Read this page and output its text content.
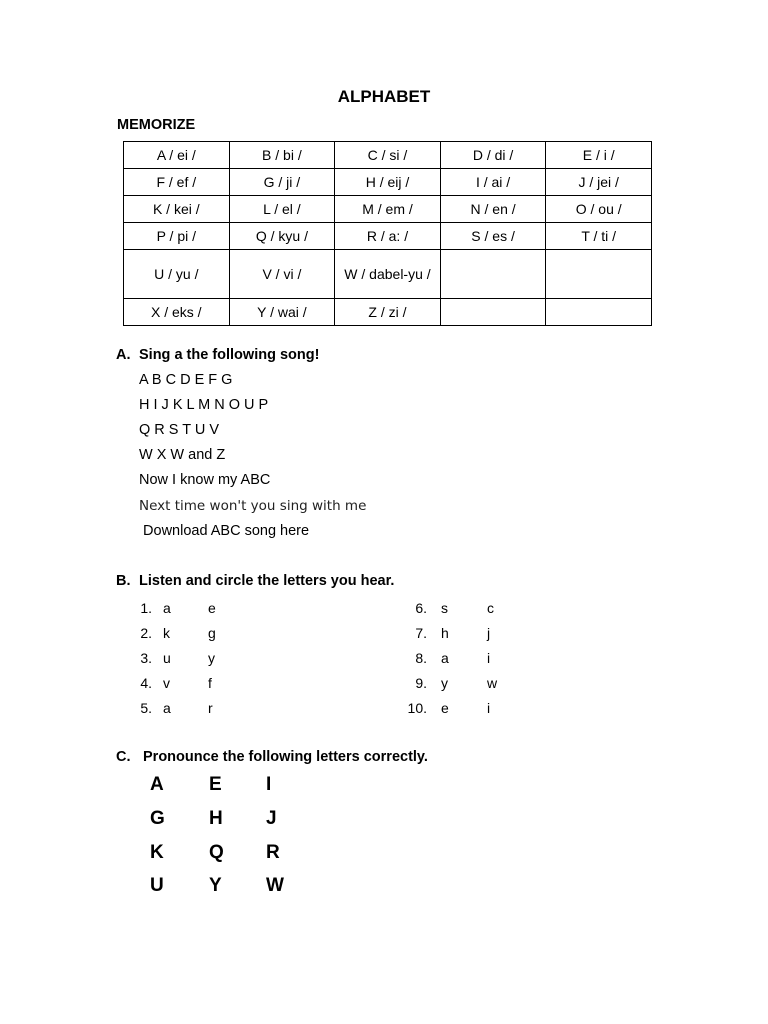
ALPHABET
MEMORIZE
A / ei /	B / bi /	C / si /	D / di /	E / i /
F / ef /	G / ji /	H / eij /	I / ai /	J / jei /
K / kei /	L / el /	M / em /	N / en /	O / ou /
P / pi /	Q / kyu /	R / a: /	S / es /	T / ti /
U / yu /	V / vi /	W / dabel-yu /		
X / eks /	Y / wai /	Z / zi /		
A. Sing a the following song!
A B C D E F G
H I J K L M N O U P
Q R S T U V
W X W and Z
Now I know my ABC
Next time won't you sing with me
Download ABC song here
B. Listen and circle the letters you hear.
1. a	e
2. k	g
3. u	y
4. v	f
5. a	r
6. s	c
7. h	j
8. a	i
9. y	w
10. e	i
C. Pronounce the following letters correctly.
A E I
G H J
K Q R
U Y W
